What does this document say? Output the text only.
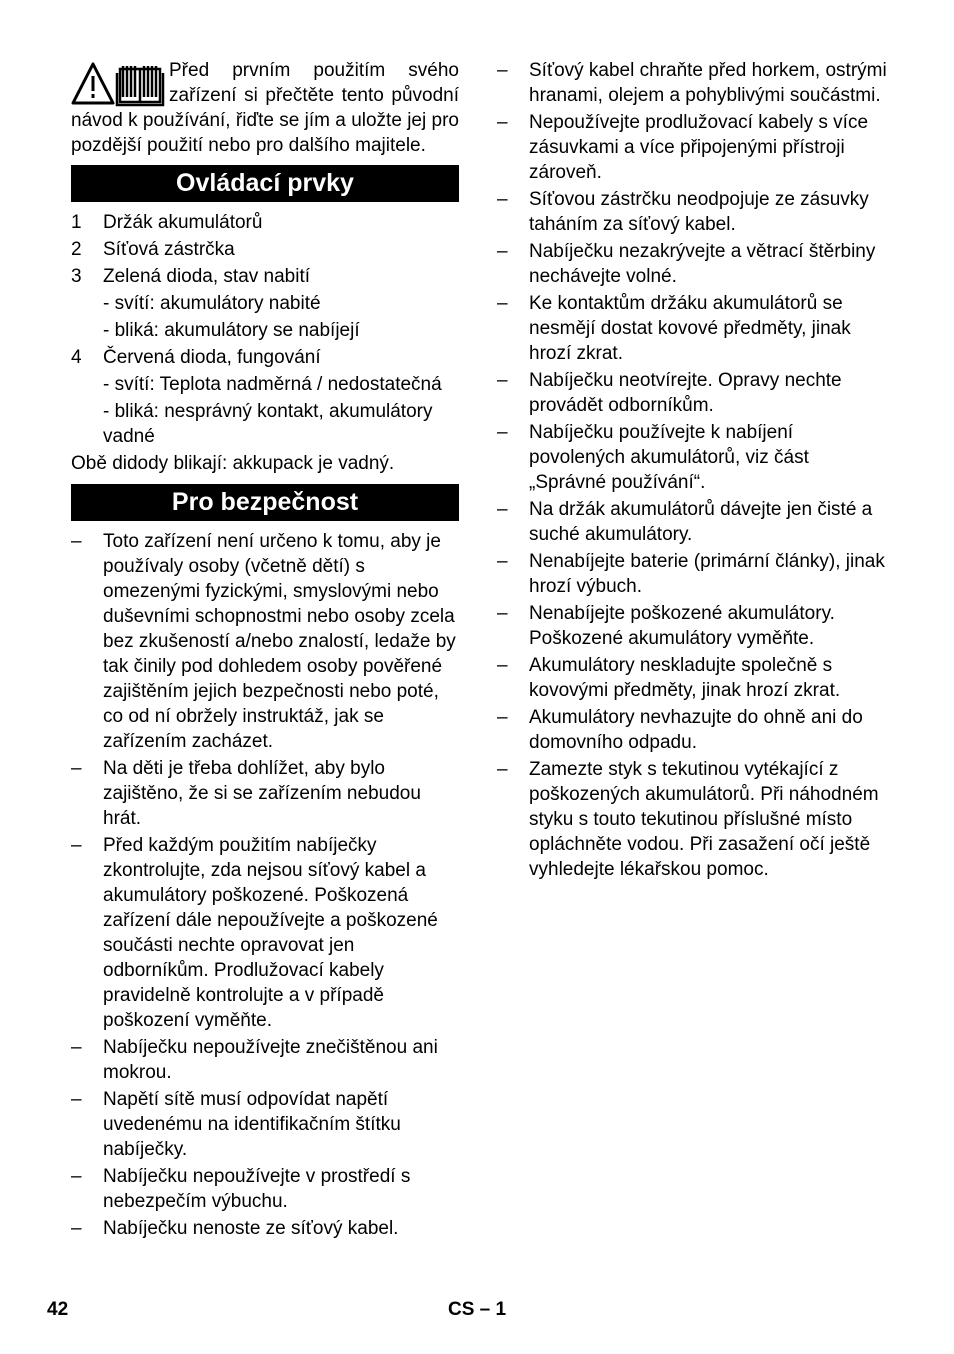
Před prvním použitím svého zařízení si přečtěte tento původní návod k používání, řiďte se jím a uložte jej pro pozdější použití nebo pro dalšího majitele.
Ovládací prvky
1	Držák akumulátorů
2	Síťová zástrčka
3	Zelená dioda, stav nabití
- svítí: akumulátory nabité
- bliká: akumulátory se nabíjejí
4	Červená dioda, fungování
- svítí: Teplota nadměrná / nedostatečná
- bliká: nesprávný kontakt, akumulátory vadné
Obě didody blikají: akkupack je vadný.
Pro bezpečnost
–	Toto zařízení není určeno k tomu, aby je používaly osoby (včetně dětí) s omezenými fyzickými, smyslovými nebo duševními schopnostmi nebo osoby zcela bez zkušeností a/nebo znalostí, ledaže by tak činily pod dohledem osoby pověřené zajištěním jejich bezpečnosti nebo poté, co od ní obržely instruktáž, jak se zařízením zacházet.
–	Na děti je třeba dohlížet, aby bylo zajištěno, že si se zařízením nebudou hrát.
–	Před každým použitím nabíječky zkontrolujte, zda nejsou síťový kabel a akumulátory poškozené. Poškozená zařízení dále nepoužívejte a poškozené součásti nechte opravovat jen odborníkům. Prodlužovací kabely pravidelně kontrolujte a v případě poškození vyměňte.
–	Nabíječku nepoužívejte znečištěnou ani mokrou.
–	Napětí sítě musí odpovídat napětí uvedenému na identifikačním štítku nabíječky.
–	Nabíječku nepoužívejte v prostředí s nebezpečím výbuchu.
–	Nabíječku nenoste ze síťový kabel.
–	Síťový kabel chraňte před horkem, ostrými hranami, olejem a pohyblivými součástmi.
–	Nepoužívejte prodlužovací kabely s více zásuvkami a více připojenými přístroji zároveň.
–	Síťovou zástrčku neodpojuje ze zásuvky taháním za síťový kabel.
–	Nabíječku nezakrývejte a větrací štěrbiny nechávejte volné.
–	Ke kontaktům držáku akumulátorů se nesmějí dostat kovové předměty, jinak hrozí zkrat.
–	Nabíječku neotvírejte. Opravy nechte provádět odborníkům.
–	Nabíječku používejte k nabíjení povolených akumulátorů, viz část „Správné používání“.
–	Na držák akumulátorů dávejte jen čisté a suché akumulátory.
–	Nenabíjejte baterie (primární články), jinak hrozí výbuch.
–	Nenabíjejte poškozené akumulátory. Poškozené akumulátory vyměňte.
–	Akumulátory neskladujte společně s kovovými předměty, jinak hrozí zkrat.
–	Akumulátory nevhazujte do ohně ani do domovního odpadu.
–	Zamezte styk s tekutinou vytékající z poškozených akumulátorů. Při náhodném styku s touto tekutinou příslušné místo opláchněte vodou. Při zasažení očí ještě vyhledejte lékařskou pomoc.
42	CS – 1
